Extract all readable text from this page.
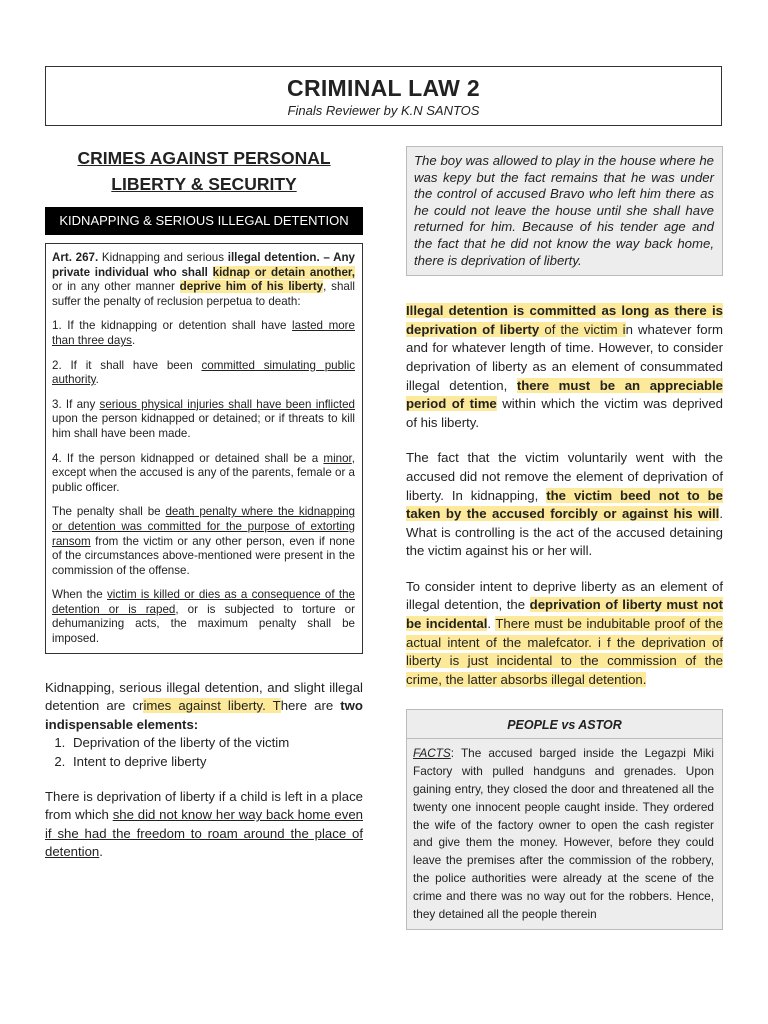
CRIMINAL LAW 2
Finals Reviewer by K.N SANTOS
CRIMES AGAINST PERSONAL
LIBERTY & SECURITY
KIDNAPPING & SERIOUS ILLEGAL DETENTION

Art. 267. Kidnapping and serious illegal detention. – Any private individual who shall kidnap or detain another, or in any other manner deprive him of his liberty, shall suffer the penalty of reclusion perpetua to death:

1. If the kidnapping or detention shall have lasted more than three days.

2. If it shall have been committed simulating public authority.

3. If any serious physical injuries shall have been inflicted upon the person kidnapped or detained; or if threats to kill him shall have been made.

4. If the person kidnapped or detained shall be a minor, except when the accused is any of the parents, female or a public officer.

The penalty shall be death penalty where the kidnapping or detention was committed for the purpose of extorting ransom from the victim or any other person, even if none of the circumstances above-mentioned were present in the commission of the offense.

When the victim is killed or dies as a consequence of the detention or is raped, or is subjected to torture or dehumanizing acts, the maximum penalty shall be imposed.

Kidnapping, serious illegal detention, and slight illegal detention are crimes against liberty. There are two indispensable elements:

1. Deprivation of the liberty of the victim
2. Intent to deprive liberty

There is deprivation of liberty if a child is left in a place from which she did not know her way back home even if she had the freedom to roam around the place of detention.

The boy was allowed to play in the house where he was kepy but the fact remains that he was under the control of accused Bravo who left him there as he could not leave the house until she shall have returned for him. Because of his tender age and the fact that he did not know the way back home, there is deprivation of liberty.

Illegal detention is committed as long as there is deprivation of liberty of the victim in whatever form and for whatever length of time. However, to consider deprivation of liberty as an element of consummated illegal detention, there must be an appreciable period of time within which the victim was deprived of his liberty.

The fact that the victim voluntarily went with the accused did not remove the element of deprivation of liberty. In kidnapping, the victim beed not to be taken by the accused forcibly or against his will. What is controlling is the act of the accused detaining the victim against his or her will.

To consider intent to deprive liberty as an element of illegal detention, the deprivation of liberty must not be incidental. There must be indubitable proof of the actual intent of the malefcator. i f the deprivation of liberty is just incidental to the commission of the crime, the latter absorbs illegal detention.

PEOPLE vs ASTOR
FACTS: The accused barged inside the Legazpi Miki Factory with pulled handguns and grenades. Upon gaining entry, they closed the door and threatened all the twenty one innocent people caught inside. They ordered the wife of the factory owner to open the cash register and give them the money. However, before they could leave the premises after the commission of the robbery, the police authorities were already at the scene of the crime and there was no way out for the robbers. Hence, they detained all the people therein
